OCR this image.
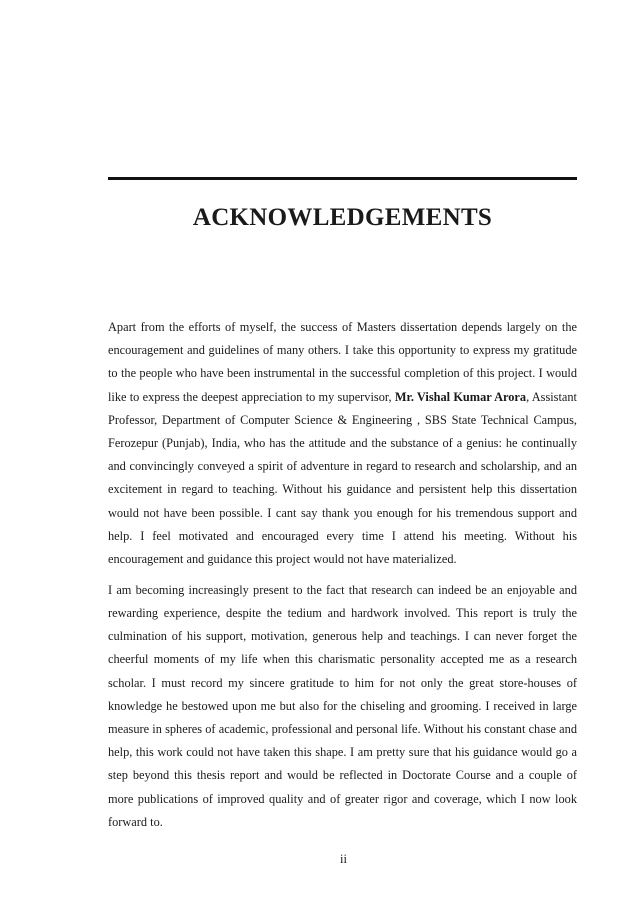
ACKNOWLEDGEMENTS

Apart from the efforts of myself, the success of Masters dissertation depends largely on the encouragement and guidelines of many others. I take this opportunity to express my gratitude to the people who have been instrumental in the successful completion of this project. I would like to express the deepest appreciation to my supervisor, Mr. Vishal Kumar Arora, Assistant Professor, Department of Computer Science & Engineering , SBS State Technical Campus, Ferozepur (Punjab), India, who has the attitude and the substance of a genius: he continually and convincingly conveyed a spirit of adventure in regard to research and scholarship, and an excitement in regard to teaching. Without his guidance and persistent help this dissertation would not have been possible. I cant say thank you enough for his tremendous support and help. I feel motivated and encouraged every time I attend his meeting. Without his encouragement and guidance this project would not have materialized.

I am becoming increasingly present to the fact that research can indeed be an enjoyable and rewarding experience, despite the tedium and hardwork involved. This report is truly the culmination of his support, motivation, generous help and teachings. I can never forget the cheerful moments of my life when this charismatic personality accepted me as a research scholar. I must record my sincere gratitude to him for not only the great store-houses of knowledge he bestowed upon me but also for the chiseling and grooming. I received in large measure in spheres of academic, professional and personal life. Without his constant chase and help, this work could not have taken this shape. I am pretty sure that his guidance would go a step beyond this thesis report and would be reflected in Doctorate Course and a couple of more publications of improved quality and of greater rigor and coverage, which I now look forward to.

ii
